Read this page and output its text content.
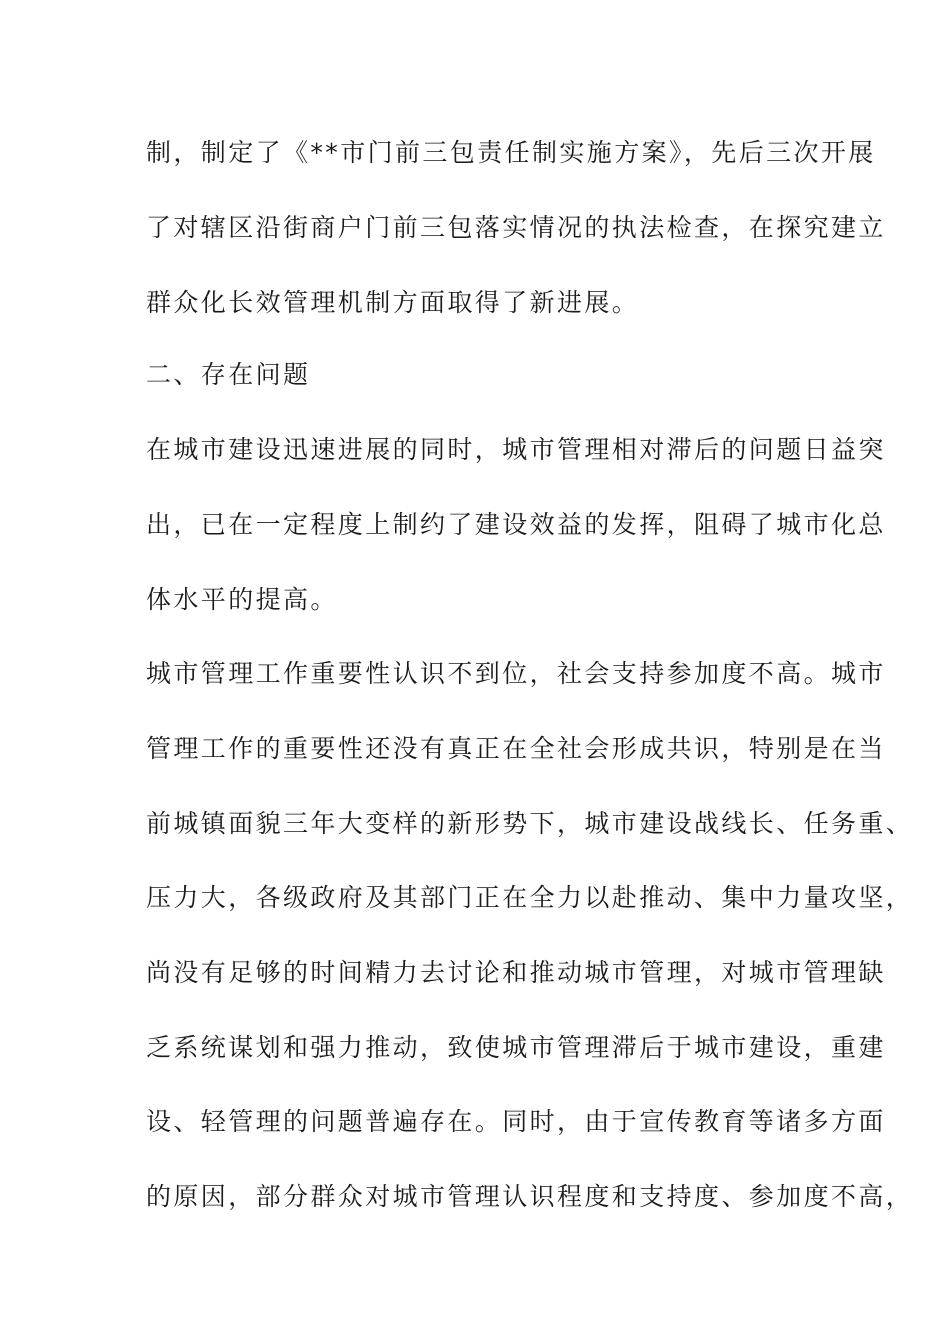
制，制定了《**市门前三包责任制实施方案》，先后三次开展
了对辖区沿街商户门前三包落实情况的执法检查，在探究建立
群众化长效管理机制方面取得了新进展。
二、存在问题
在城市建设迅速进展的同时，城市管理相对滞后的问题日益突
出，已在一定程度上制约了建设效益的发挥，阻碍了城市化总
体水平的提高。
城市管理工作重要性认识不到位，社会支持参加度不高。城市
管理工作的重要性还没有真正在全社会形成共识，特别是在当
前城镇面貌三年大变样的新形势下，城市建设战线长、任务重、
压力大，各级政府及其部门正在全力以赴推动、集中力量攻坚，
尚没有足够的时间精力去讨论和推动城市管理，对城市管理缺
乏系统谋划和强力推动，致使城市管理滞后于城市建设，重建
设、轻管理的问题普遍存在。同时，由于宣传教育等诸多方面
的原因，部分群众对城市管理认识程度和支持度、参加度不高，
